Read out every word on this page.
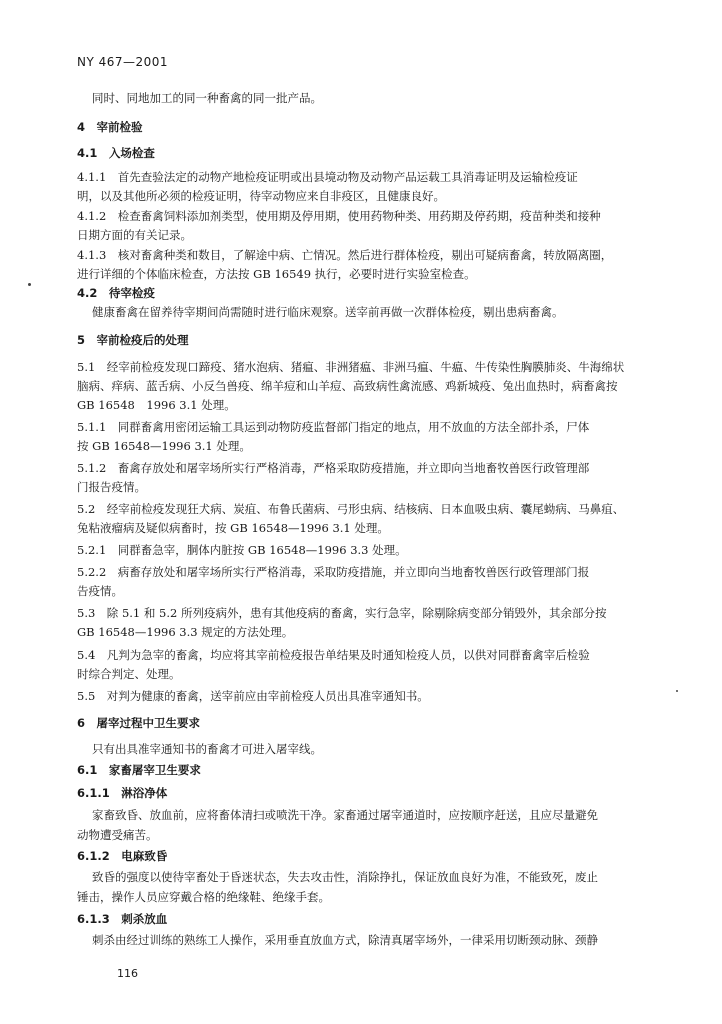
NY 467—2001
同时、同地加工的同一种畜禽的同一批产品。
4　宰前检验
4.1　入场检查
4.1.1　首先查验法定的动物产地检疫证明或出县境动物及动物产品运载工具消毒证明及运输检疫证
明，以及其他所必须的检疫证明，待宰动物应来自非疫区，且健康良好。
4.1.2　检查畜禽饲料添加剂类型，使用期及停用期，使用药物种类、用药期及停药期，疫苗种类和接种
日期方面的有关记录。
4.1.3　核对畜禽种类和数目，了解途中病、亡情况。然后进行群体检疫，剔出可疑病畜禽，转放隔离圈，
进行详细的个体临床检查，方法按 GB 16549 执行，必要时进行实验室检查。
4.2　待宰检疫
健康畜禽在留养待宰期间尚需随时进行临床观察。送宰前再做一次群体检疫，剔出患病畜禽。
5　宰前检疫后的处理
5.1　经宰前检疫发现口蹄疫、猪水泡病、猪瘟、非洲猪瘟、非洲马瘟、牛瘟、牛传染性胸膜肺炎、牛海绵状
脑病、痒病、蓝舌病、小反刍兽疫、绵羊痘和山羊痘、高致病性禽流感、鸡新城疫、兔出血热时，病畜禽按
GB 16548　1996 3.1 处理。
5.1.1　同群畜禽用密闭运输工具运到动物防疫监督部门指定的地点，用不放血的方法全部扑杀，尸体
按 GB 16548—1996 3.1 处理。
5.1.2　畜禽存放处和屠宰场所实行严格消毒，严格采取防疫措施，并立即向当地畜牧兽医行政管理部
门报告疫情。
5.2　经宰前检疫发现狂犬病、炭疽、布鲁氏菌病、弓形虫病、结核病、日本血吸虫病、囊尾蚴病、马鼻疽、
兔粘液瘤病及疑似病畜时，按 GB 16548—1996 3.1 处理。
5.2.1　同群畜急宰，胴体内脏按 GB 16548—1996 3.3 处理。
5.2.2　病畜存放处和屠宰场所实行严格消毒，采取防疫措施，并立即向当地畜牧兽医行政管理部门报
告疫情。
5.3　除 5.1 和 5.2 所列疫病外，患有其他疫病的畜禽，实行急宰，除剔除病变部分销毁外，其余部分按
GB 16548—1996 3.3 规定的方法处理。
5.4　凡判为急宰的畜禽，均应将其宰前检疫报告单结果及时通知检疫人员，以供对同群畜禽宰后检验
时综合判定、处理。
5.5　对判为健康的畜禽，送宰前应由宰前检疫人员出具准宰通知书。
6　屠宰过程中卫生要求
只有出具准宰通知书的畜禽才可进入屠宰线。
6.1　家畜屠宰卫生要求
6.1.1　淋浴净体
家畜致昏、放血前，应将畜体清扫或喷洗干净。家畜通过屠宰通道时，应按顺序赶送，且应尽量避免
动物遭受痛苦。
6.1.2　电麻致昏
致昏的强度以使待宰畜处于昏迷状态，失去攻击性，消除挣扎，保证放血良好为准，不能致死，废止
锤击，操作人员应穿戴合格的绝缘鞋、绝缘手套。
6.1.3　刺杀放血
刺杀由经过训练的熟练工人操作，采用垂直放血方式，除清真屠宰场外，一律采用切断颈动脉、颈静
116
